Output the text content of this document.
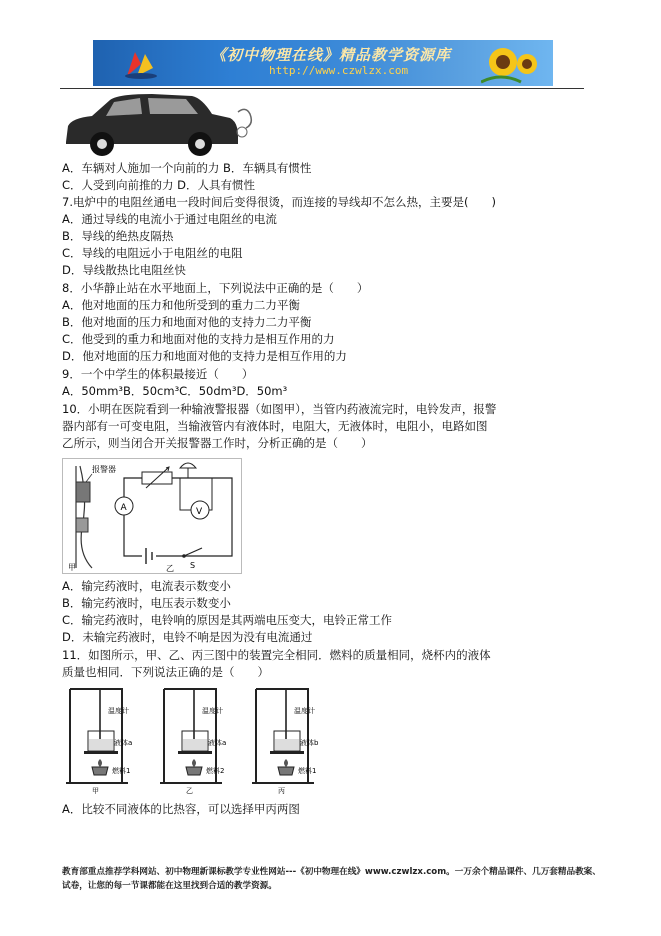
《初中物理在线》精品教学资源库
http://www.czwlzx.com
A．车辆对人施加一个向前的力 B．车辆具有惯性
C．人受到向前推的力 D．人具有惯性
7.电炉中的电阻丝通电一段时间后变得很烫，而连接的导线却不怎么热，主要是(　　)
A．通过导线的电流小于通过电阻丝的电流
B．导线的绝热皮隔热
C．导线的电阻远小于电阻丝的电阻
D．导线散热比电阻丝快
8．小华静止站在水平地面上，下列说法中正确的是（　　）
A．他对地面的压力和他所受到的重力二力平衡
B．他对地面的压力和地面对他的支持力二力平衡
C．他受到的重力和地面对他的支持力是相互作用的力
D．他对地面的压力和地面对他的支持力是相互作用的力
9．一个中学生的体积最接近（　　）
A．50mm³B．50cm³C．50dm³D．50m³
10．小明在医院看到一种输液警报器（如图甲），当管内药液流完时，电铃发声，报警
器内部有一可变电阻，当输液管内有液体时，电阻大，无液体时，电阻小，电路如图
乙所示，则当闭合开关报警器工作时，分析正确的是（　　）
报警器
甲
A	V
S
乙
A．输完药液时，电流表示数变小
B．输完药液时，电压表示数变小
C．输完药液时，电铃响的原因是其两端电压变大，电铃正常工作
D．未输完药液时，电铃不响是因为没有电流通过
11．如图所示，甲、乙、丙三图中的装置完全相同．燃料的质量相同，烧杯内的液体
质量也相同．下列说法正确的是（　　）
温度计
液体a
燃料1
甲
温度计
液体a
燃料2
乙
温度计
液体b
燃料1
丙
A．比较不同液体的比热容，可以选择甲丙两图
教育部重点推荐学科网站、初中物理新课标教学专业性网站---《初中物理在线》www.czwlzx.com。一万余个精品课件、几万套精品教案、试卷，让您的每一节课都能在这里找到合适的教学资源。
